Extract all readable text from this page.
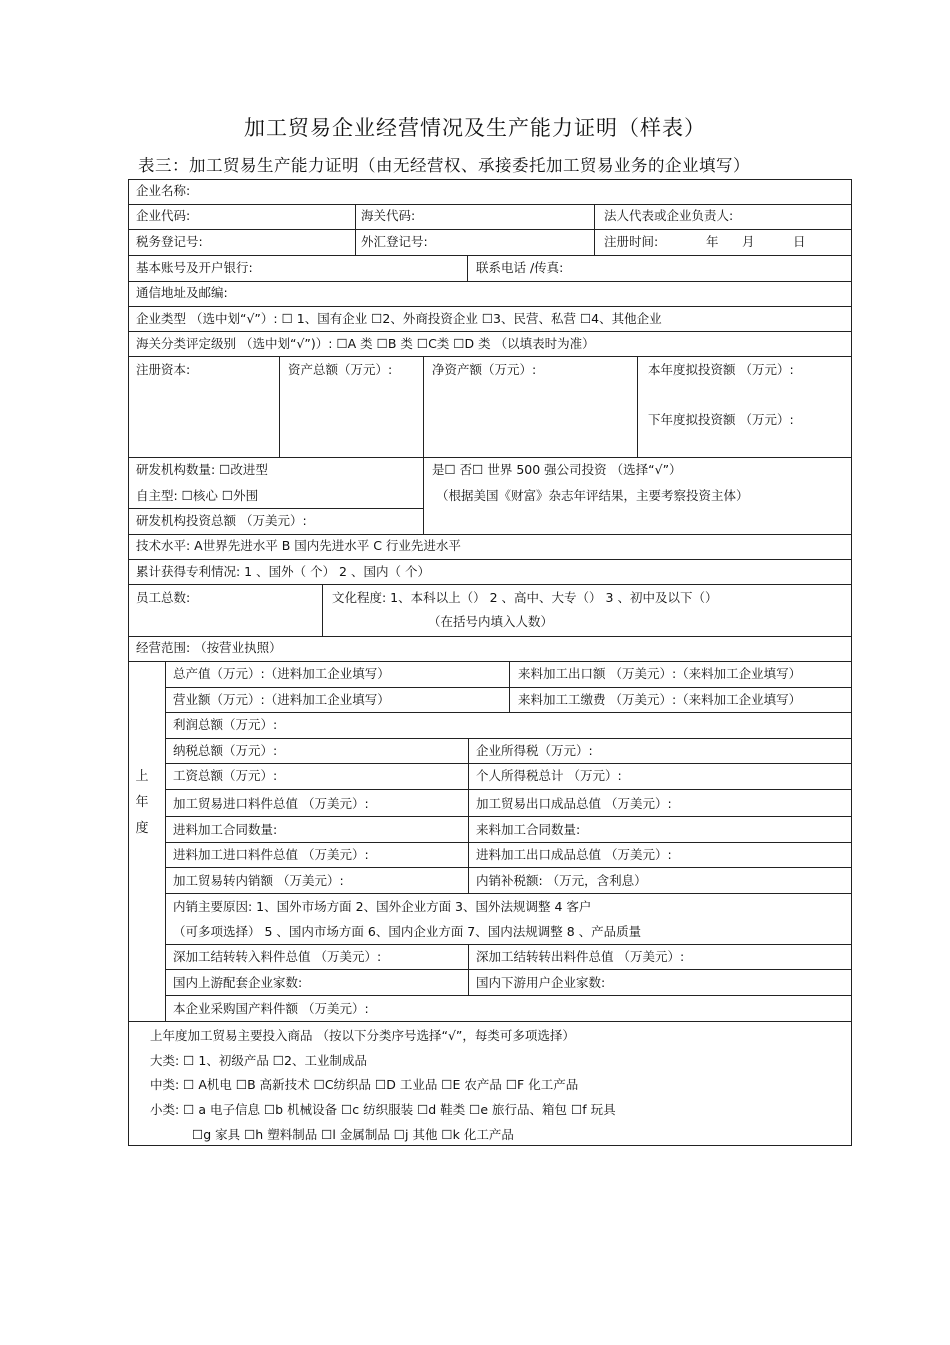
加工贸易企业经营情况及生产能力证明（样表）
表三：加工贸易生产能力证明（由无经营权、承接委托加工贸易业务的企业填写）
企业名称:
企业代码:	海关代码:	法人代表或企业负责人:
税务登记号:	外汇登记号:	注册时间:	年 月	日
基本账号及开户银行:	联系电话 /传真:
通信地址及邮编:
企业类型 （选中划“√”）: ☐ 1、国有企业 ☐2、外商投资企业 ☐3、民营、私营 ☐4、其他企业
海关分类评定级别 （选中划“√”)）: ☐A 类 ☐B 类 ☐C类 ☐D 类 （以填表时为准）
注册资本:	资产总额（万元）:	净资产额（万元）:	本年度拟投资额 （万元）:
下年度拟投资额 （万元）:
研发机构数量: ☐改进型
自主型: ☐核心 ☐外围
研发机构投资总额 （万美元）:
是☐ 否☐ 世界 500 强公司投资 （选择“√”）
（根据美国《财富》杂志年评结果，主要考察投资主体）
技术水平: A世界先进水平 B 国内先进水平 C 行业先进水平
累计获得专利情况: 1 、国外（ 个） 2 、国内（ 个）
员工总数:	文化程度: 1、本科以上（） 2 、高中、大专（） 3 、初中及以下（）
（在括号内填入人数）
经营范围: （按营业执照）
上
年
度
总产值（万元）:（进料加工企业填写）	来料加工出口额 （万美元）:（来料加工企业填写）
营业额（万元）:（进料加工企业填写）	来料加工工缴费 （万美元）:（来料加工企业填写）
利润总额（万元）:
纳税总额（万元）:	企业所得税（万元）:
工资总额（万元）:	个人所得税总计 （万元）:
加工贸易进口料件总值 （万美元）:	加工贸易出口成品总值 （万美元）:
进料加工合同数量:	来料加工合同数量:
进料加工进口料件总值 （万美元）:	进料加工出口成品总值 （万美元）:
加工贸易转内销额 （万美元）:	内销补税额: （万元，含利息）
内销主要原因: 1、国外市场方面 2、国外企业方面 3、国外法规调整 4 客户
（可多项选择） 5 、国内市场方面 6、国内企业方面 7、国内法规调整 8 、产品质量
深加工结转转入料件总值 （万美元）:	深加工结转转出料件总值 （万美元）:
国内上游配套企业家数:	国内下游用户企业家数:
本企业采购国产料件额 （万美元）:
上年度加工贸易主要投入商品 （按以下分类序号选择“√”，每类可多项选择）
大类: ☐ 1、初级产品 ☐2、工业制成品
中类: ☐ A机电 ☐B 高新技术 ☐C纺织品 ☐D 工业品 ☐E 农产品 ☐F 化工产品
小类: ☐ a 电子信息 ☐b 机械设备 ☐c 纺织服装 ☐d 鞋类 ☐e 旅行品、箱包 ☐f 玩具
☐g 家具 ☐h 塑料制品 ☐l 金属制品 ☐j 其他 ☐k 化工产品
